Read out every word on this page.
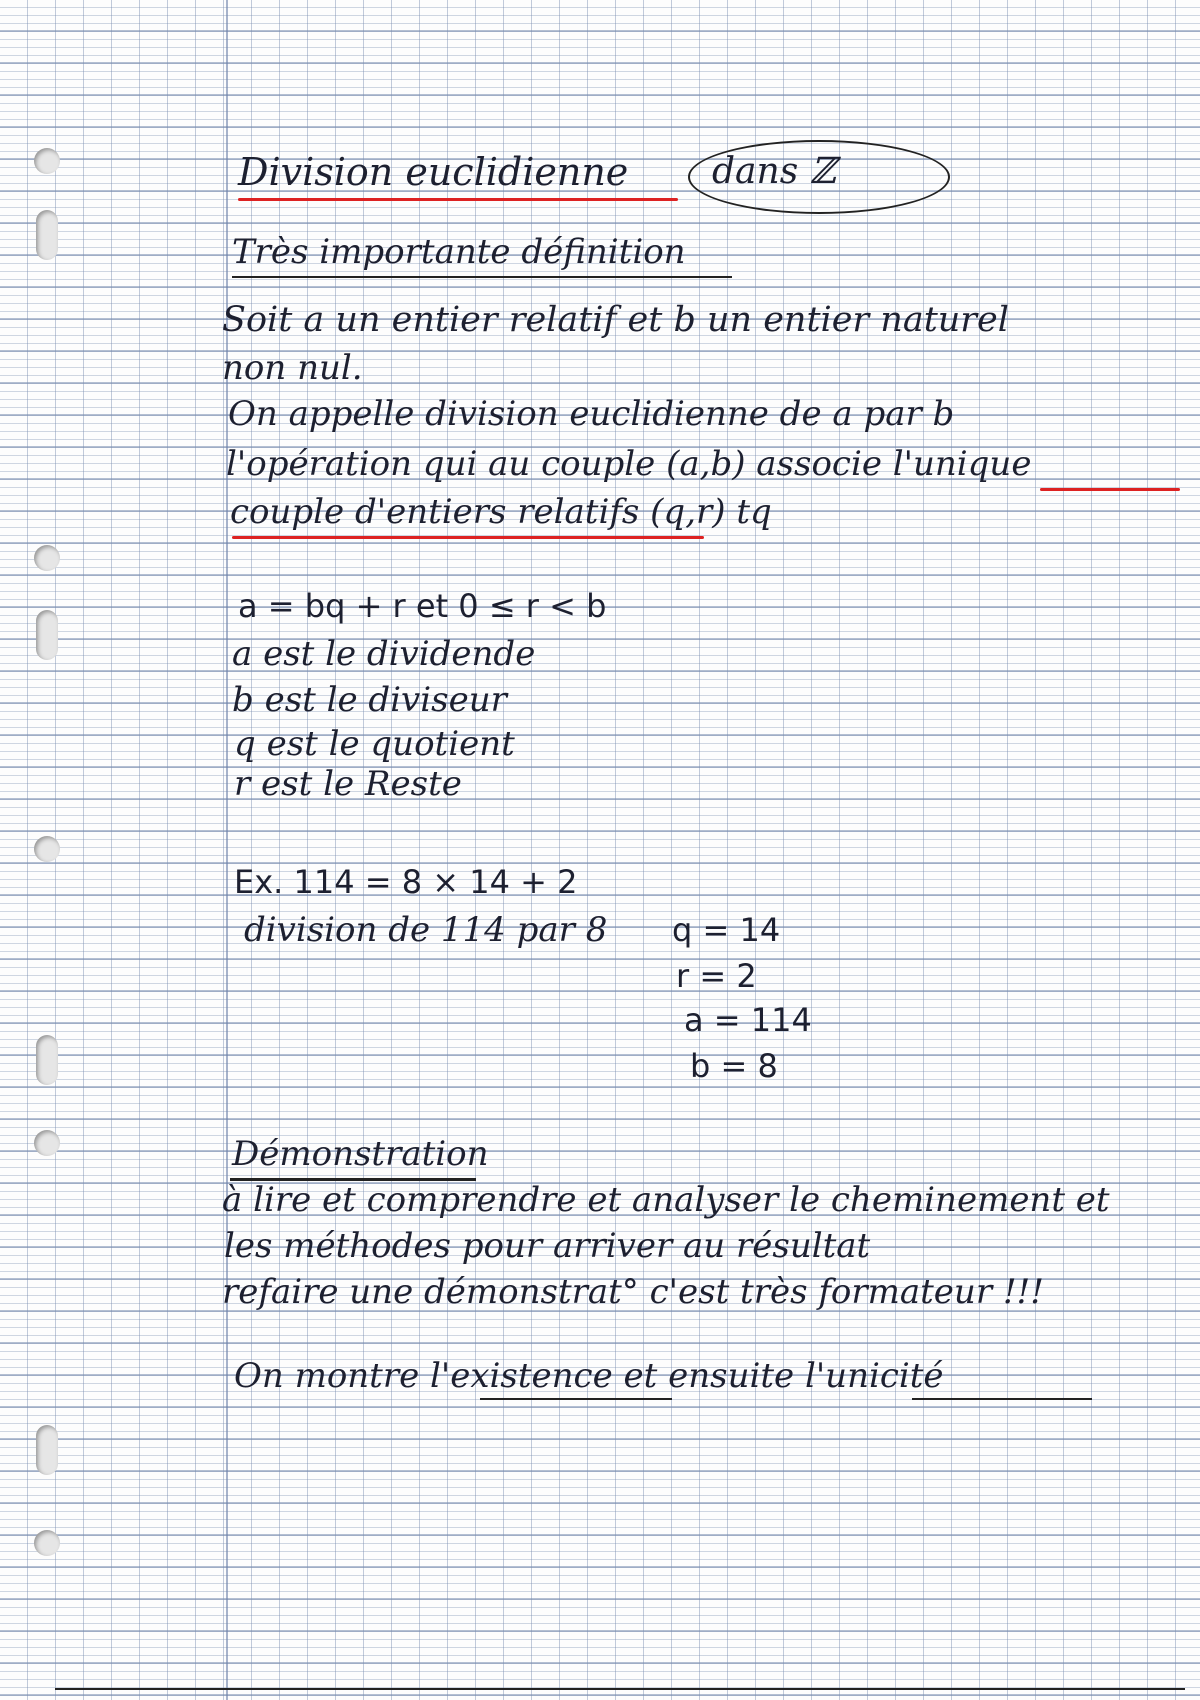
Division euclidienne dans ℤ
Très importante définition
Soit a un entier relatif et b un entier naturel
non nul.
On appelle division euclidienne de a par b
l'opération qui au couple (a,b) associe l'unique
couple d'entiers relatifs (q,r) tq
a = bq + r et 0 ≤ r < b
a est le dividende
b est le diviseur
q est le quotient
r est le Reste
Ex. 114 = 8 × 14 + 2
division de 114 par 8 q = 14
r = 2
a = 114
b = 8
Démonstration
à lire et comprendre et analyser le cheminement et
les méthodes pour arriver au résultat
refaire une démonstrat° c'est très formateur !!!
On montre l'existence et ensuite l'unicité
